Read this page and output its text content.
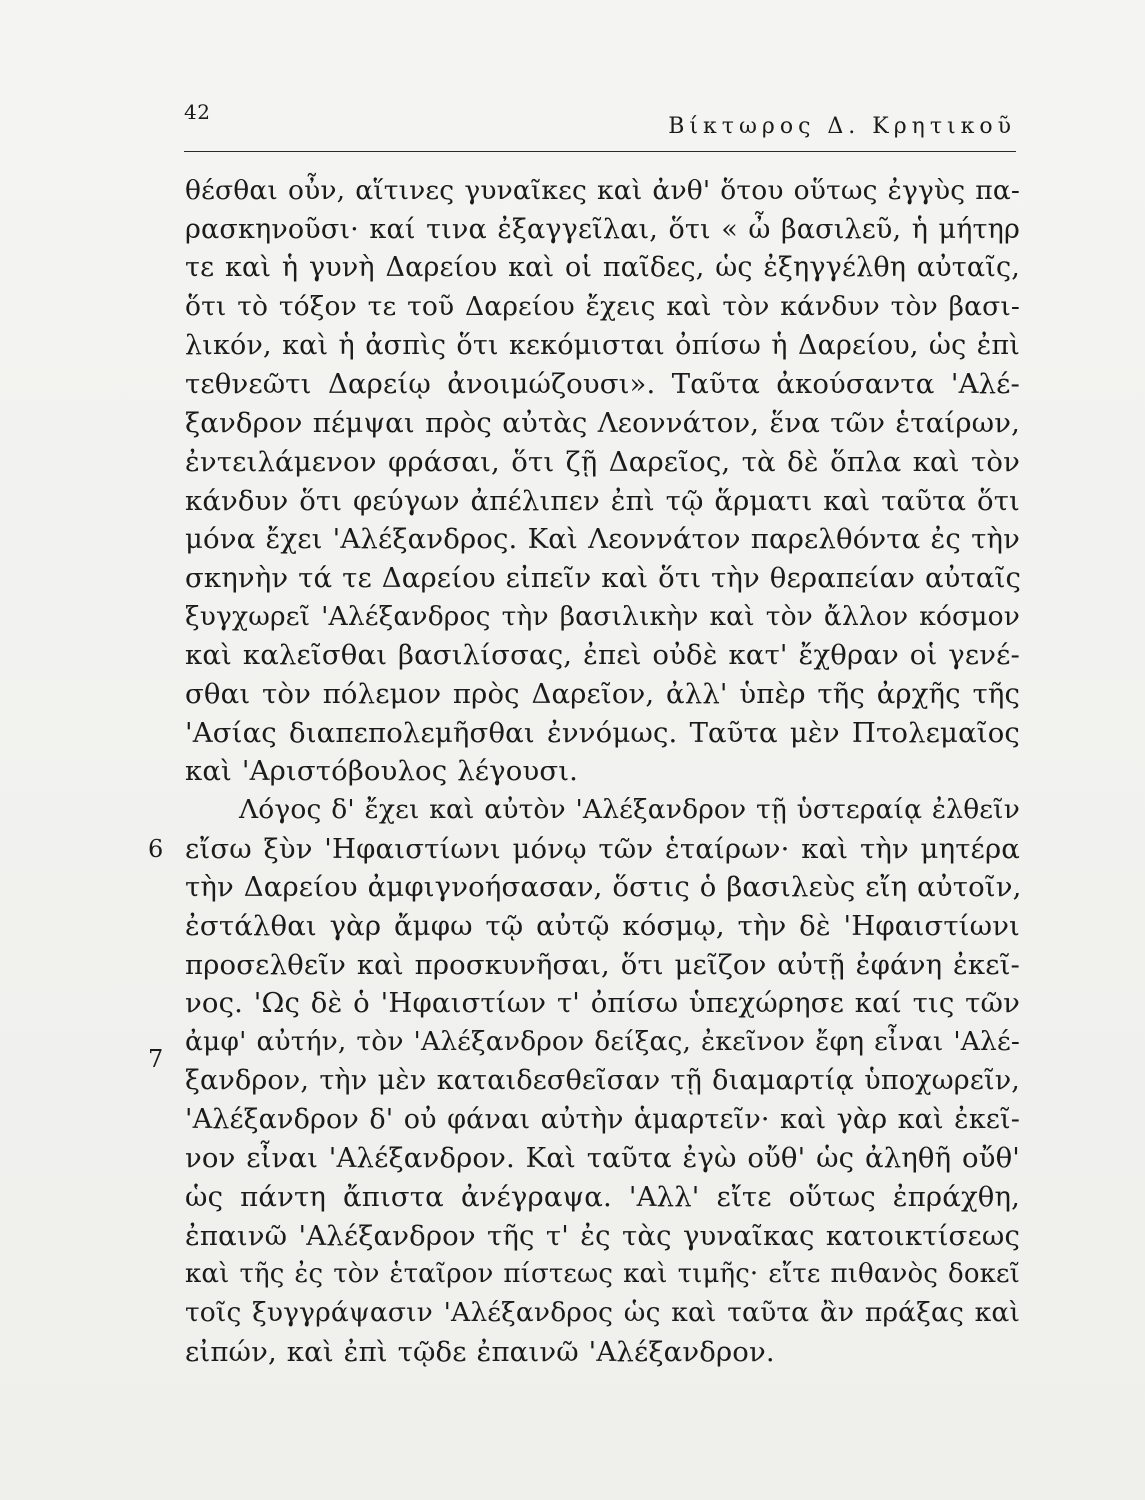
42
Βίκτωρος Δ. Κρητικοῦ
6
7
θέσθαι οὖν, αἵτινες γυναῖκες καὶ ἀνθ' ὅτου οὕτως ἐγγὺς πα-
ρασκηνοῦσι· καί τινα ἐξαγγεῖλαι, ὅτι « ὦ βασιλεῦ, ἡ μήτηρ
τε καὶ ἡ γυνὴ Δαρείου καὶ οἱ παῖδες, ὡς ἐξηγγέλθη αὐταῖς,
ὅτι τὸ τόξον τε τοῦ Δαρείου ἔχεις καὶ τὸν κάνδυν τὸν βασι-
λικόν, καὶ ἡ ἀσπὶς ὅτι κεκόμισται ὀπίσω ἡ Δαρείου, ὡς ἐπὶ
τεθνεῶτι Δαρείῳ ἀνοιμώζουσι». Ταῦτα ἀκούσαντα 'Αλέ-
ξανδρον πέμψαι πρὸς αὐτὰς Λεοννάτον, ἕνα τῶν ἑταίρων,
ἐντειλάμενον φράσαι, ὅτι ζῇ Δαρεῖος, τὰ δὲ ὅπλα καὶ τὸν
κάνδυν ὅτι φεύγων ἀπέλιπεν ἐπὶ τῷ ἅρματι καὶ ταῦτα ὅτι
μόνα ἔχει 'Αλέξανδρος. Καὶ Λεοννάτον παρελθόντα ἐς τὴν
σκηνὴν τά τε Δαρείου εἰπεῖν καὶ ὅτι τὴν θεραπείαν αὐταῖς
ξυγχωρεῖ 'Αλέξανδρος τὴν βασιλικὴν καὶ τὸν ἄλλον κόσμον
καὶ καλεῖσθαι βασιλίσσας, ἐπεὶ οὐδὲ κατ' ἔχθραν οἱ γενέ-
σθαι τὸν πόλεμον πρὸς Δαρεῖον, ἀλλ' ὑπὲρ τῆς ἀρχῆς τῆς
'Ασίας διαπεπολεμῆσθαι ἐννόμως. Ταῦτα μὲν Πτολεμαῖος
καὶ 'Αριστόβουλος λέγουσι.
Λόγος δ' ἔχει καὶ αὐτὸν 'Αλέξανδρον τῇ ὑστεραίᾳ ἐλθεῖν
εἴσω ξὺν 'Ηφαιστίωνι μόνῳ τῶν ἑταίρων· καὶ τὴν μητέρα
τὴν Δαρείου ἀμφιγνοήσασαν, ὅστις ὁ βασιλεὺς εἴη αὐτοῖν,
ἐστάλθαι γὰρ ἄμφω τῷ αὐτῷ κόσμῳ, τὴν δὲ 'Ηφαιστίωνι
προσελθεῖν καὶ προσκυνῆσαι, ὅτι μεῖζον αὐτῇ ἐφάνη ἐκεῖ-
νος. 'Ως δὲ ὁ 'Ηφαιστίων τ' ὀπίσω ὑπεχώρησε καί τις τῶν
ἀμφ' αὐτήν, τὸν 'Αλέξανδρον δείξας, ἐκεῖνον ἔφη εἶναι 'Αλέ-
ξανδρον, τὴν μὲν καταιδεσθεῖσαν τῇ διαμαρτίᾳ ὑποχωρεῖν,
'Αλέξανδρον δ' οὐ φάναι αὐτὴν ἁμαρτεῖν· καὶ γὰρ καὶ ἐκεῖ-
νον εἶναι 'Αλέξανδρον. Καὶ ταῦτα ἐγὼ οὔθ' ὡς ἀληθῆ οὔθ'
ὡς πάντη ἄπιστα ἀνέγραψα. 'Αλλ' εἴτε οὕτως ἐπράχθη,
ἐπαινῶ 'Αλέξανδρον τῆς τ' ἐς τὰς γυναῖκας κατοικτίσεως
καὶ τῆς ἐς τὸν ἑταῖρον πίστεως καὶ τιμῆς· εἴτε πιθανὸς δοκεῖ
τοῖς ξυγγράψασιν 'Αλέξανδρος ὡς καὶ ταῦτα ἂν πράξας καὶ
εἰπών, καὶ ἐπὶ τῷδε ἐπαινῶ 'Αλέξανδρον.
